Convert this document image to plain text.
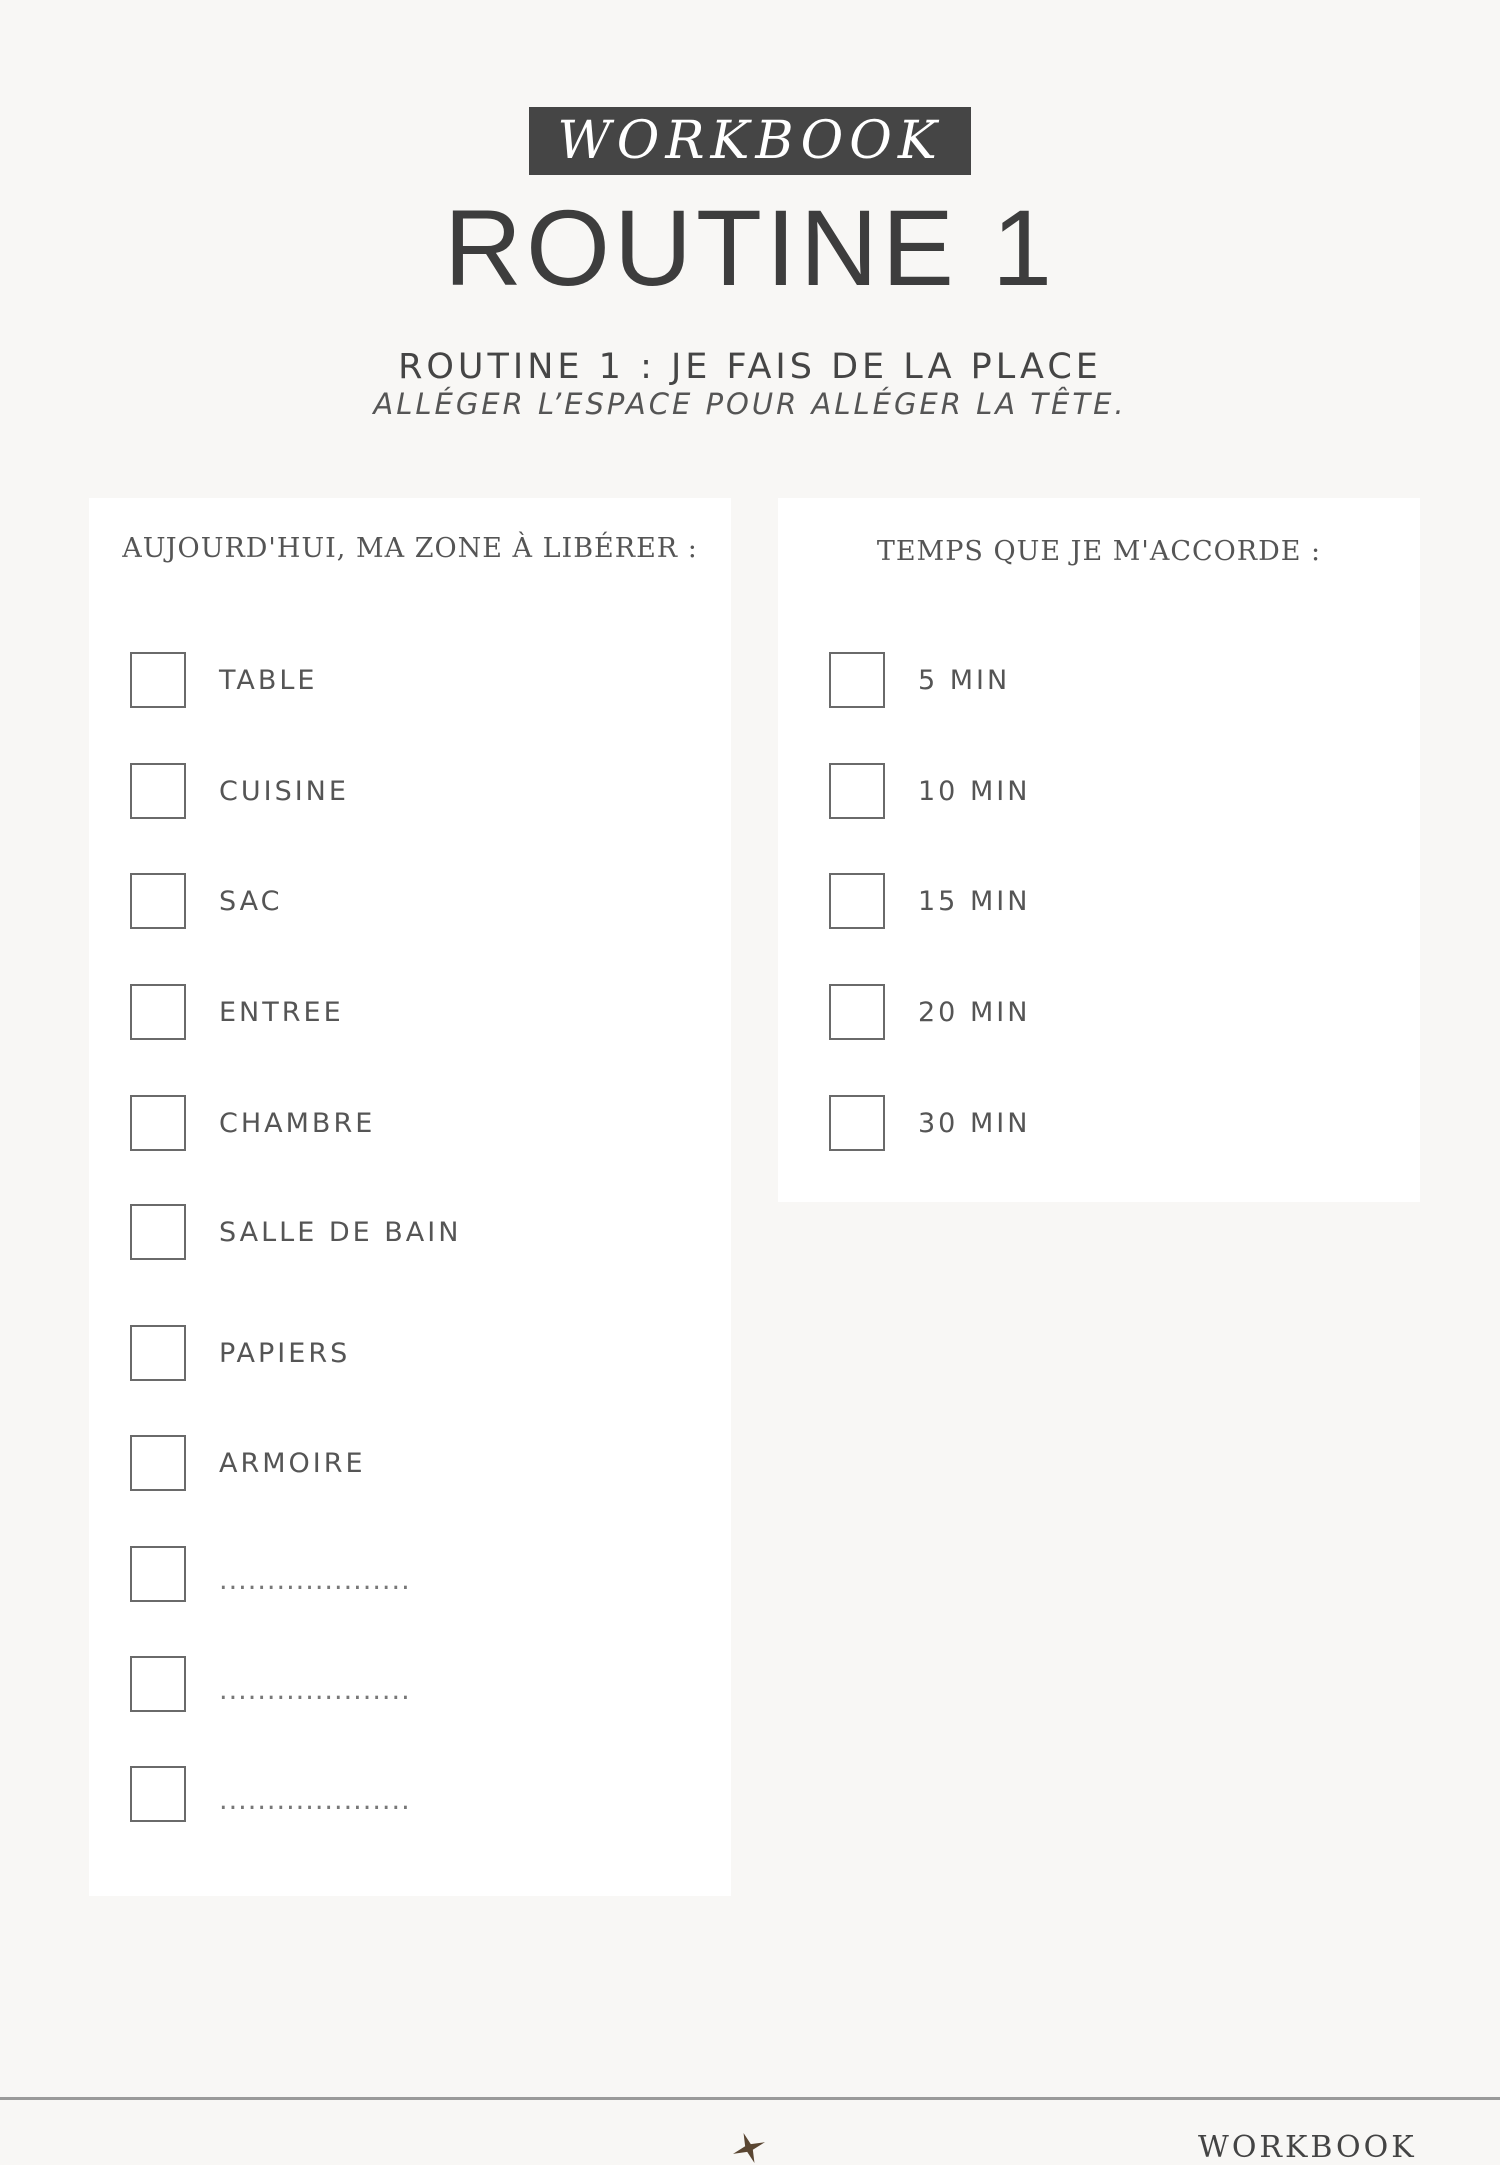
WORKBOOK
ROUTINE 1
ROUTINE 1 : JE FAIS DE LA PLACE
ALLÉGER L’ESPACE POUR ALLÉGER LA TÊTE.
AUJOURD'HUI, MA ZONE À LIBÉRER :	TEMPS QUE JE M'ACCORDE :
TABLE
CUISINE
SAC
ENTREE
CHAMBRE
SALLE DE BAIN
PAPIERS
ARMOIRE
....................
....................
....................
5 MIN
10 MIN
15 MIN
20 MIN
30 MIN
WORKBOOK
